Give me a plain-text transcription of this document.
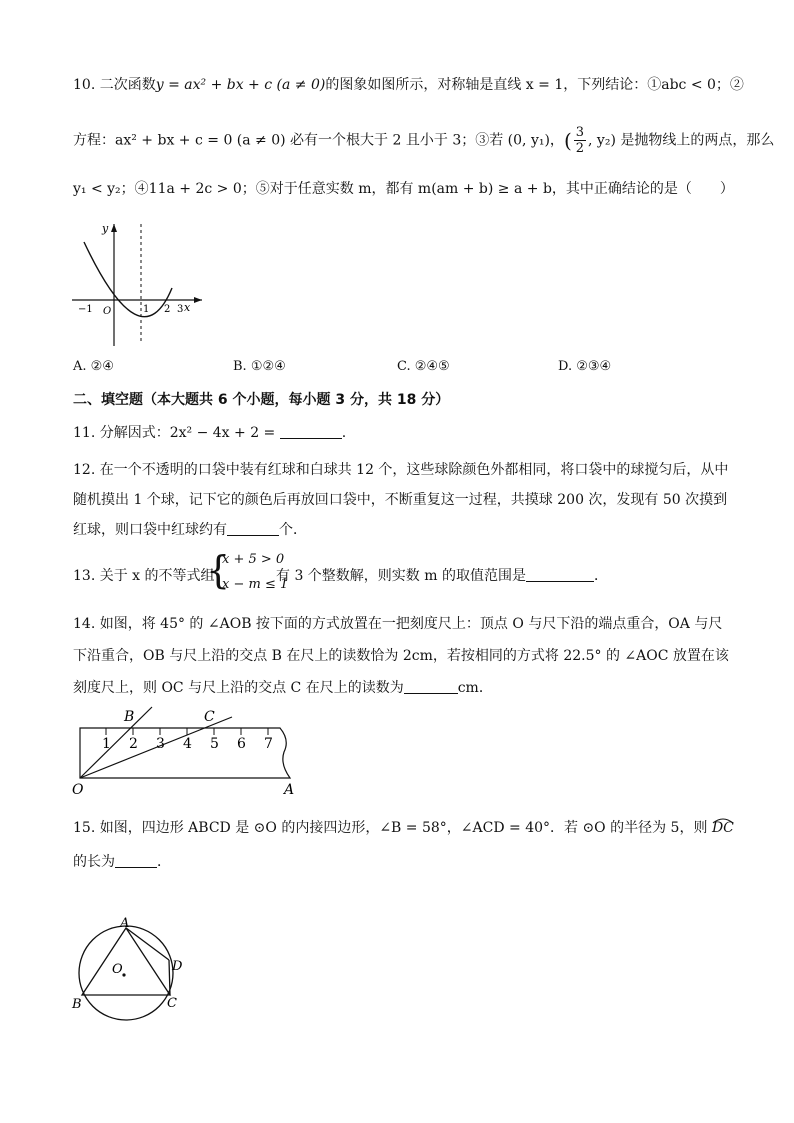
10. 二次函数y = ax² + bx + c (a ≠ 0)的图象如图所示，对称轴是直线 x = 1，下列结论：①abc < 0；②
方程：ax² + bx + c = 0 (a ≠ 0) 必有一个根大于 2 且小于 3；③若 (0, y₁)，( $\frac{3}{2}$ , y₂) 是抛物线上的两点，那么
y₁ < y₂；④11a + 2c > 0；⑤对于任意实数 m，都有 m(am + b) ≥ a + b，其中正确结论的是（　　）
y
x
−1 O	1 2 3
A. ②④	B. ①②④	C. ②④⑤	D. ②③④
二、填空题（本大题共 6 个小题，每小题 3 分，共 18 分）
11. 分解因式：2x² − 4x + 2 =	.
12. 在一个不透明的口袋中装有红球和白球共 12 个，这些球除颜色外都相同，将口袋中的球搅匀后，从中
随机摸出 1 个球，记下它的颜色后再放回口袋中，不断重复这一过程，共摸球 200 次，发现有 50 次摸到
红球，则口袋中红球约有	个．
13. 关于 x 的不等式组
{
x + 5 > 0
x − m ≤ 1
有 3 个整数解，则实数 m 的取值范围是	．
14. 如图，将 45° 的 ∠AOB 按下面的方式放置在一把刻度尺上：顶点 O 与尺下沿的端点重合，OA 与尺
下沿重合，OB 与尺上沿的交点 B 在尺上的读数恰为 2cm，若按相同的方式将 22.5° 的 ∠AOC 放置在该
刻度尺上，则 OC 与尺上沿的交点 C 在尺上的读数为	cm．
1 2 3 4 5 6 7
B	C
O	A
15. 如图，四边形 ABCD 是 ⊙O 的内接四边形，∠B = 58°，∠ACD = 40°．若 ⊙O 的半径为 5，则 DC
的长为	．
A
B	C
D
O
